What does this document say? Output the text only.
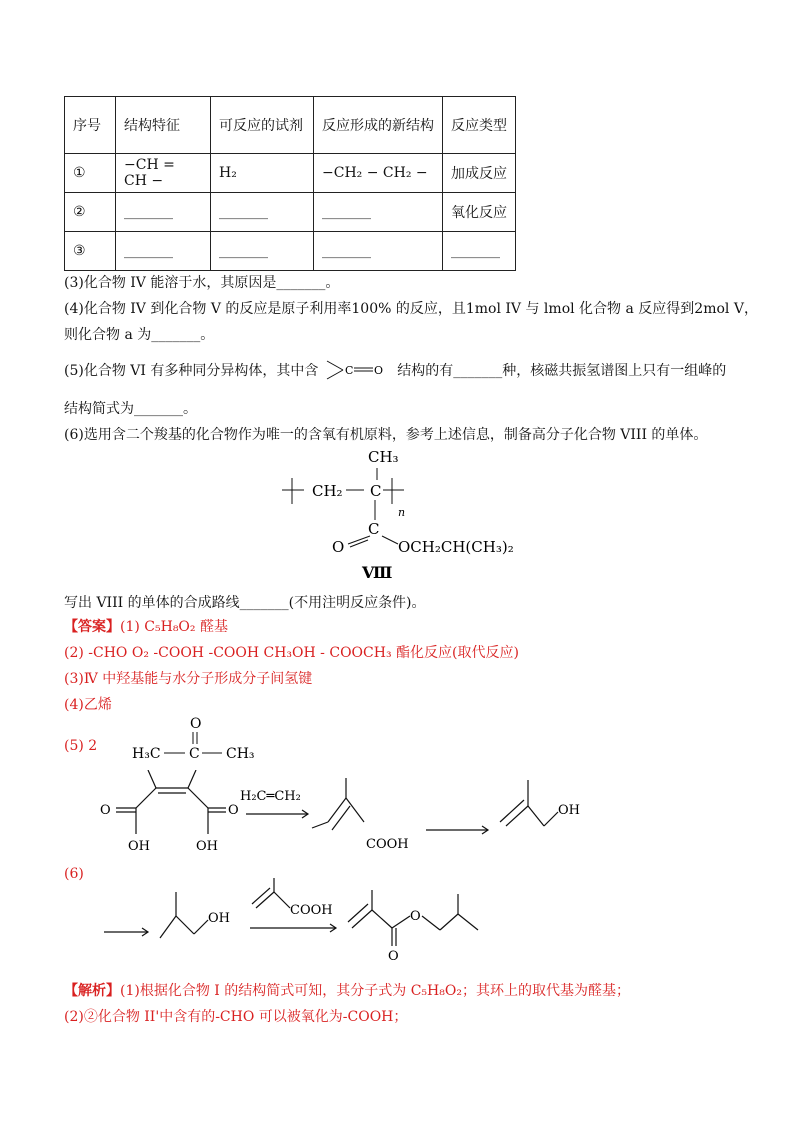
序号	结构特征	可反应的试剂	反应形成的新结构	反应类型
①	−CH = CH −	H₂	−CH₂ − CH₂ −	加成反应
②	_______	_______	_______	氧化反应
③	_______	_______	_______	_______
(3)化合物 IV 能溶于水，其原因是_______。
(4)化合物 IV 到化合物 V 的反应是原子利用率100% 的反应，且1mol IV 与 lmol 化合物 a 反应得到2mol V，
则化合物 a 为_______。
(5)化合物 VI 有多种同分异构体，其中含 C O 结构的有_______种，核磁共振氢谱图上只有一组峰的
结构简式为_______。
(6)选用含二个羧基的化合物作为唯一的含氧有机原料，参考上述信息，制备高分子化合物 VIII 的单体。
CH₃
CH₂ C
n
C
O	OCH₂CH(CH₃)₂
Ⅷ
写出 VIII 的单体的合成路线_______(不用注明反应条件)。
【答案】(1) C₅H₈O₂ 醛基
(2) -CHO O₂ -COOH -COOH CH₃OH - COOCH₃ 酯化反应(取代反应)
(3)Ⅳ 中羟基能与水分子形成分子间氢键
(4)乙烯
(5) 2
O
H₃C C CH₃
O
OH
O
OH
H₂C═CH₂
COOH
OH
(6)
OH
COOH
O
O
【解析】(1)根据化合物 I 的结构简式可知，其分子式为 C₅H₈O₂；其环上的取代基为醛基；
(2)②化合物 II'中含有的-CHO 可以被氧化为-COOH；
